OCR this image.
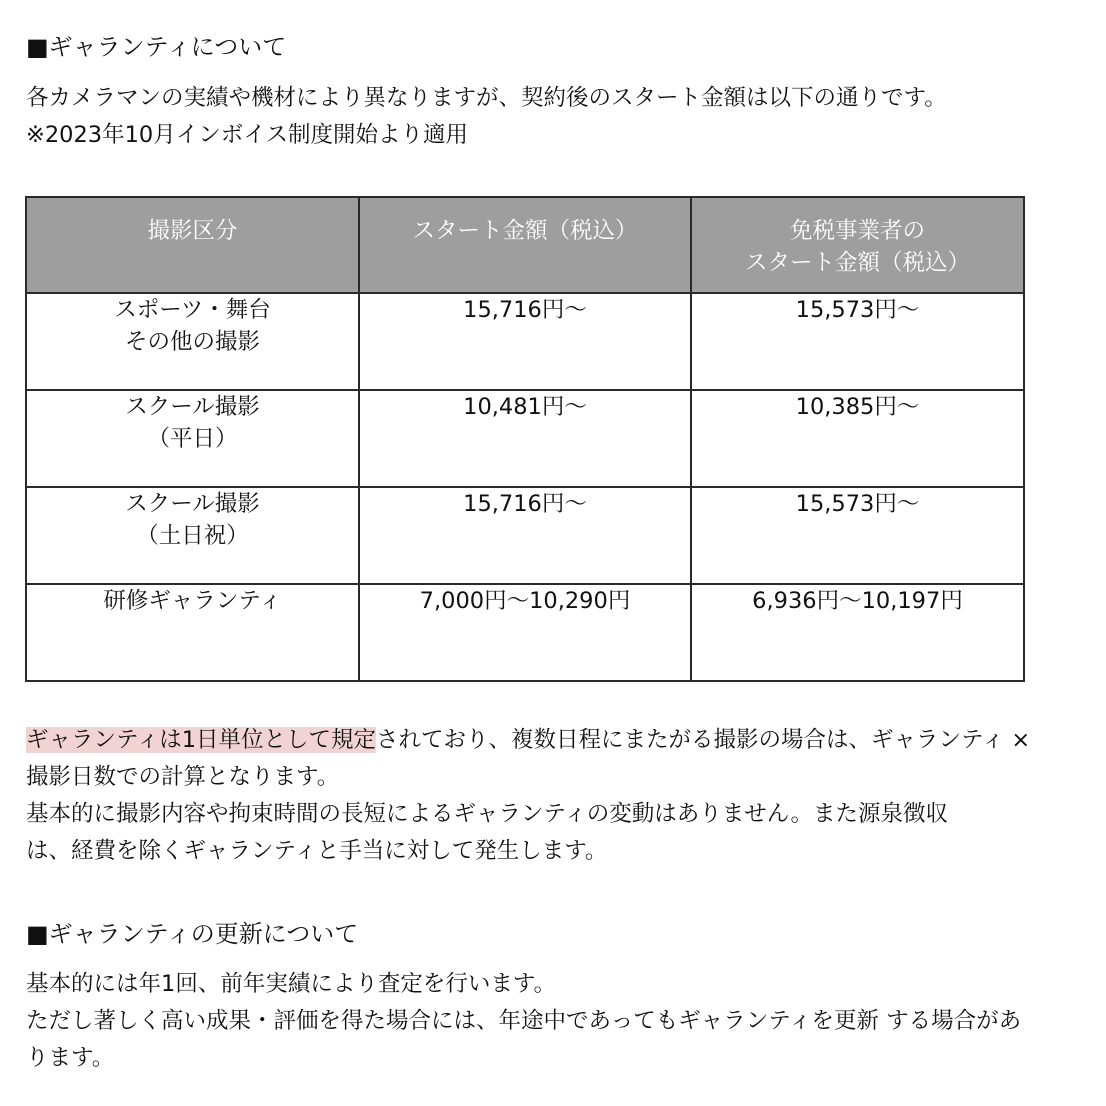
■ギャランティについて
各カメラマンの実績や機材により異なりますが、契約後のスタート金額は以下の通りです。
※2023年10月インボイス制度開始より適用
撮影区分	スタート金額（税込）	免税事業者の
スタート金額（税込）

スポーツ・舞台
その他の撮影	15,716円～	15,573円～

スクール撮影
（平日）	10,481円～	10,385円～

スクール撮影
（土日祝）	15,716円～	15,573円～

研修ギャランティ	7,000円～10,290円	6,936円～10,197円
ギャランティは1日単位として規定されており、複数日程にまたがる撮影の場合は、ギャランティ ×
撮影日数での計算となります。
基本的に撮影内容や拘束時間の長短によるギャランティの変動はありません。また源泉徴収
は、経費を除くギャランティと手当に対して発生します。
■ギャランティの更新について
基本的には年1回、前年実績により査定を行います。
ただし著しく高い成果・評価を得た場合には、年途中であってもギャランティを更新 する場合があ
ります。
